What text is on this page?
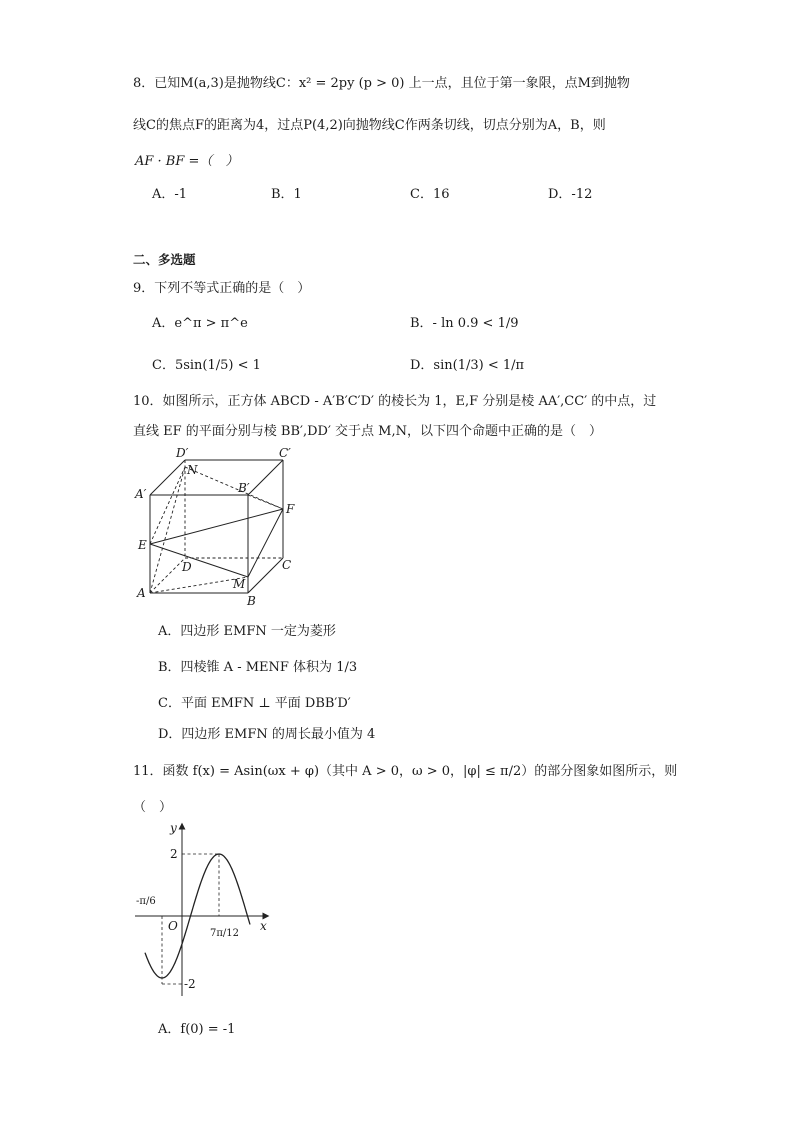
8．已知M(a,3)是抛物线C：x² = 2py (p > 0) 上一点，且位于第一象限，点M到抛物
线C的焦点F的距离为4，过点P(4,2)向抛物线C作两条切线，切点分别为A，B，则
AF · BF =（　）
A．-1	B．1	C．16	D．-12
二、多选题
9．下列不等式正确的是（　）
A．e^π > π^e	B．- ln 0.9 < 1/9
C．5sin(1/5) < 1	D．sin(1/3) < 1/π
10．如图所示，正方体 ABCD - A′B′C′D′ 的棱长为 1，E,F 分别是棱 AA′,CC′ 的中点，过
直线 EF 的平面分别与棱 BB′,DD′ 交于点 M,N，以下四个命题中正确的是（　）
D′
N
C′
A′	B′
F
E
D	C
M
A
B
A．四边形 EMFN 一定为菱形
B．四棱锥 A - MENF 体积为 1/3
C．平面 EMFN ⊥ 平面 DBB′D′
D．四边形 EMFN 的周长最小值为 4
11．函数 f(x) = Asin(ωx + φ)（其中 A > 0，ω > 0，|φ| ≤ π/2）的部分图象如图所示，则
（　）
y
2
-π/6
O
7π/12
x
-2
A．f(0) = -1
